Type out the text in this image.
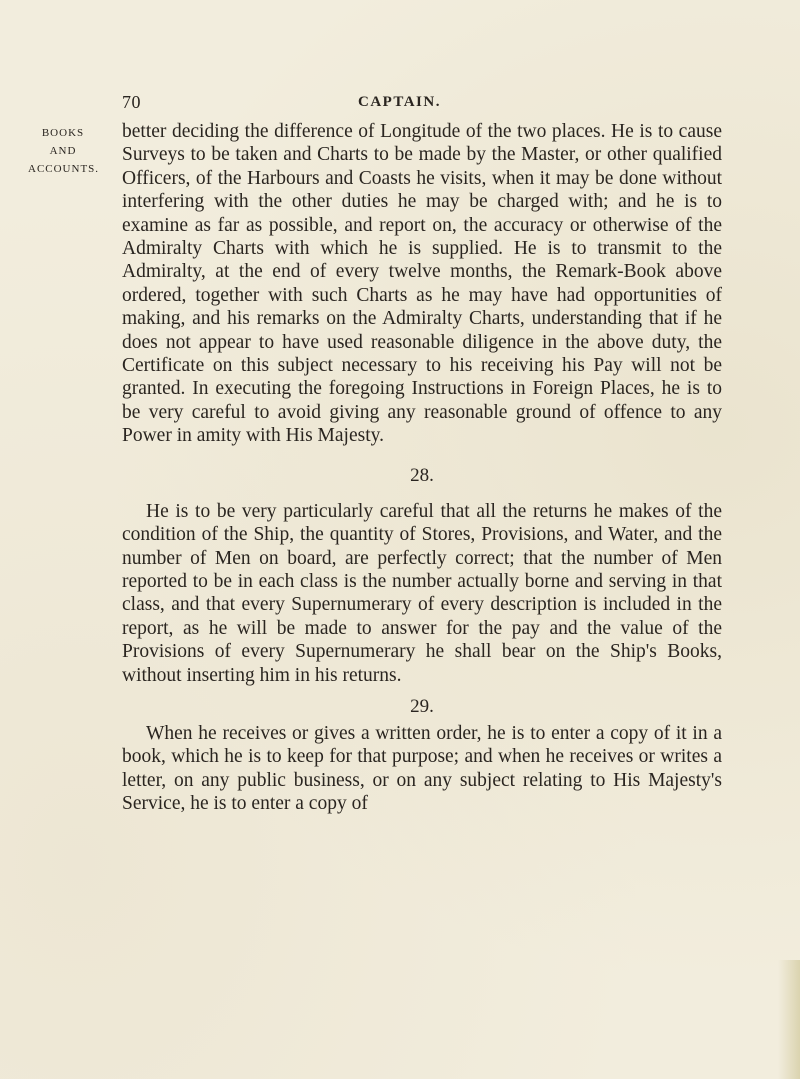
70	CAPTAIN.
BOOKS
AND
ACCOUNTS.

better deciding the difference of Longitude of the two places. He is to cause Surveys to be taken and Charts to be made by the Master, or other qualified Officers, of the Harbours and Coasts he visits, when it may be done without interfering with the other duties he may be charged with; and he is to examine as far as possible, and report on, the accuracy or otherwise of the Admiralty Charts with which he is supplied. He is to transmit to the Admiralty, at the end of every twelve months, the Remark-Book above ordered, together with such Charts as he may have had opportunities of making, and his remarks on the Admiralty Charts, understanding that if he does not appear to have used reasonable diligence in the above duty, the Certificate on this subject necessary to his receiving his Pay will not be granted. In executing the foregoing Instructions in Foreign Places, he is to be very careful to avoid giving any reasonable ground of offence to any Power in amity with His Majesty.

28.

He is to be very particularly careful that all the returns he makes of the condition of the Ship, the quantity of Stores, Provisions, and Water, and the number of Men on board, are perfectly correct; that the number of Men reported to be in each class is the number actually borne and serving in that class, and that every Supernumerary of every description is included in the report, as he will be made to answer for the pay and the value of the Provisions of every Supernumerary he shall bear on the Ship's Books, without inserting him in his returns.

29.

When he receives or gives a written order, he is to enter a copy of it in a book, which he is to keep for that purpose; and when he receives or writes a letter, on any public business, or on any subject relating to His Majesty's Service, he is to enter a copy of
